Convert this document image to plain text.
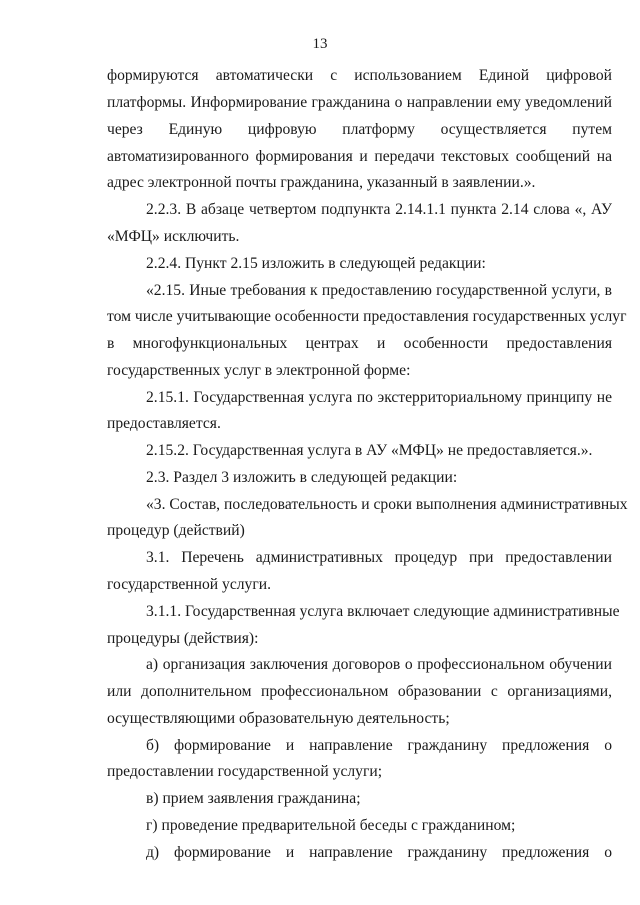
13
формируются автоматически с использованием Единой цифровой
платформы. Информирование гражданина о направлении ему уведомлений
через Единую цифровую платформу осуществляется путем
автоматизированного формирования и передачи текстовых сообщений на
адрес электронной почты гражданина, указанный в заявлении.».
2.2.3. В абзаце четвертом подпункта 2.14.1.1 пункта 2.14 слова «, АУ
«МФЦ» исключить.
2.2.4. Пункт 2.15 изложить в следующей редакции:
«2.15. Иные требования к предоставлению государственной услуги, в
том числе учитывающие особенности предоставления государственных услуг
в многофункциональных центрах и особенности предоставления
государственных услуг в электронной форме:
2.15.1. Государственная услуга по экстерриториальному принципу не
предоставляется.
2.15.2. Государственная услуга в АУ «МФЦ» не предоставляется.».
2.3. Раздел 3 изложить в следующей редакции:
«3. Состав, последовательность и сроки выполнения административных
процедур (действий)
3.1. Перечень административных процедур при предоставлении
государственной услуги.
3.1.1. Государственная услуга включает следующие административные
процедуры (действия):
а) организация заключения договоров о профессиональном обучении
или дополнительном профессиональном образовании с организациями,
осуществляющими образовательную деятельность;
б) формирование и направление гражданину предложения о
предоставлении государственной услуги;
в) прием заявления гражданина;
г) проведение предварительной беседы с гражданином;
д) формирование и направление гражданину предложения о
